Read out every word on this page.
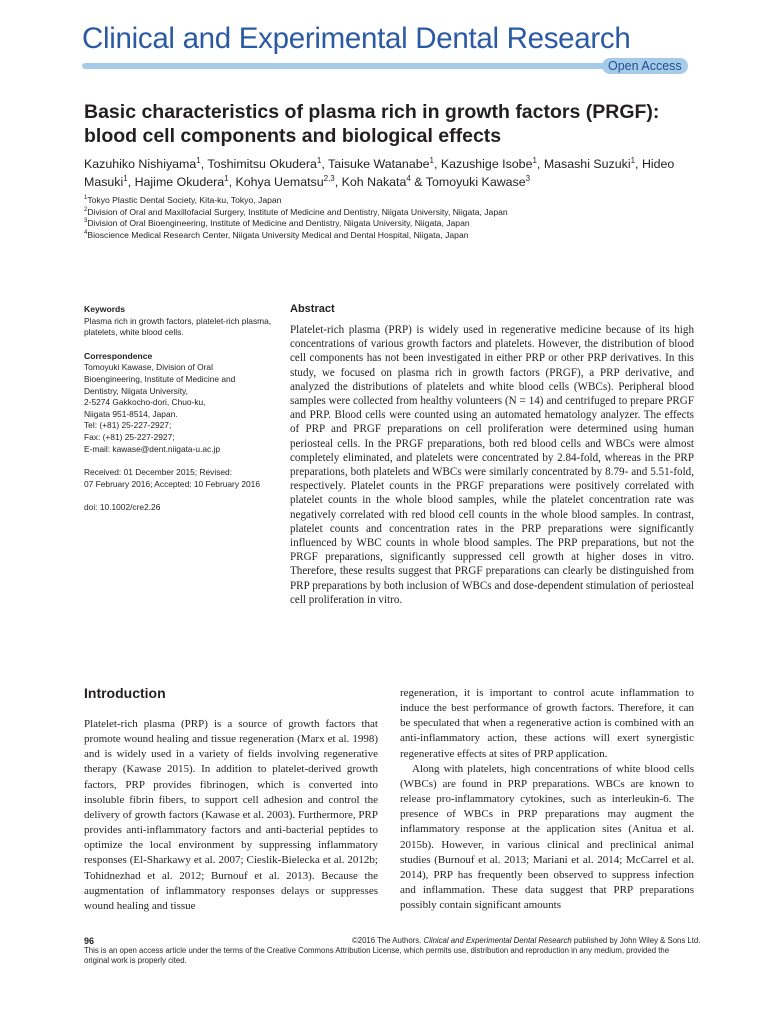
Clinical and Experimental Dental Research
Open Access
Basic characteristics of plasma rich in growth factors (PRGF): blood cell components and biological effects
Kazuhiko Nishiyama$^1$, Toshimitsu Okudera$^1$, Taisuke Watanabe$^1$, Kazushige Isobe$^1$, Masashi Suzuki$^1$, Hideo Masuki$^1$, Hajime Okudera$^1$, Kohya Uematsu$^{2,3}$, Koh Nakata$^4$ & Tomoyuki Kawase$^3$
$^1$Tokyo Plastic Dental Society, Kita-ku, Tokyo, Japan
$^2$Division of Oral and Maxillofacial Surgery, Institute of Medicine and Dentistry, Niigata University, Niigata, Japan
$^3$Division of Oral Bioengineering, Institute of Medicine and Dentistry, Niigata University, Niigata, Japan
$^4$Bioscience Medical Research Center, Niigata University Medical and Dental Hospital, Niigata, Japan
Keywords

Plasma rich in growth factors, platelet-rich plasma, platelets, white blood cells.

Correspondence

Tomoyuki Kawase, Division of Oral

Bioengineering, Institute of Medicine and

Dentistry, Niigata University,

2-5274 Gakkocho-dori, Chuo-ku,

Niigata 951-8514, Japan.

Tel: (+81) 25-227-2927;

Fax: (+81) 25-227-2927;

E-mail: kawase@dent.niigata-u.ac.jp

Received: 01 December 2015; Revised:

07 February 2016; Accepted: 10 February 2016

doi: 10.1002/cre2.26

Abstract

Platelet-rich plasma (PRP) is widely used in regenerative medicine because of its high concentrations of various growth factors and platelets. However, the distribution of blood cell components has not been investigated in either PRP or other PRP derivatives. In this study, we focused on plasma rich in growth factors (PRGF), a PRP derivative, and analyzed the distributions of platelets and white blood cells (WBCs). Peripheral blood samples were collected from healthy volunteers (N = 14) and centrifuged to prepare PRGF and PRP. Blood cells were counted using an automated hematology analyzer. The effects of PRP and PRGF preparations on cell proliferation were determined using human periosteal cells. In the PRGF preparations, both red blood cells and WBCs were almost completely eliminated, and platelets were concentrated by 2.84-fold, whereas in the PRP preparations, both platelets and WBCs were similarly concentrated by 8.79- and 5.51-fold, respectively. Platelet counts in the PRGF preparations were positively correlated with platelet counts in the whole blood samples, while the platelet concentration rate was negatively correlated with red blood cell counts in the whole blood samples. In contrast, platelet counts and concentration rates in the PRP preparations were significantly influenced by WBC counts in whole blood samples. The PRP preparations, but not the PRGF preparations, significantly suppressed cell growth at higher doses in vitro. Therefore, these results suggest that PRGF preparations can clearly be distinguished from PRP preparations by both inclusion of WBCs and dose-dependent stimulation of periosteal cell proliferation in vitro.

Introduction

Platelet-rich plasma (PRP) is a source of growth factors that promote wound healing and tissue regeneration (Marx et al. 1998) and is widely used in a variety of fields involving regenerative therapy (Kawase 2015). In addition to platelet-derived growth factors, PRP provides fibrinogen, which is converted into insoluble fibrin fibers, to support cell adhesion and control the delivery of growth factors (Kawase et al. 2003). Furthermore, PRP provides anti-inflammatory factors and anti-bacterial peptides to optimize the local environment by suppressing inflammatory responses (El-Sharkawy et al. 2007; Cieslik-Bielecka et al. 2012b; Tohidnezhad et al. 2012; Burnouf et al. 2013). Because the augmentation of inflammatory responses delays or suppresses wound healing and tissue

regeneration, it is important to control acute inflammation to induce the best performance of growth factors. Therefore, it can be speculated that when a regenerative action is combined with an anti-inflammatory action, these actions will exert synergistic regenerative effects at sites of PRP application.

Along with platelets, high concentrations of white blood cells (WBCs) are found in PRP preparations. WBCs are known to release pro-inflammatory cytokines, such as interleukin-6. The presence of WBCs in PRP preparations may augment the inflammatory response at the application sites (Anitua et al. 2015b). However, in various clinical and preclinical animal studies (Burnouf et al. 2013; Mariani et al. 2014; McCarrel et al. 2014), PRP has frequently been observed to suppress infection and inflammation. These data suggest that PRP preparations possibly contain significant amounts

96	©2016 The Authors. Clinical and Experimental Dental Research published by John Wiley & Sons Ltd.
This is an open access article under the terms of the Creative Commons Attribution License, which permits use, distribution and reproduction in any medium, provided the original work is properly cited.
